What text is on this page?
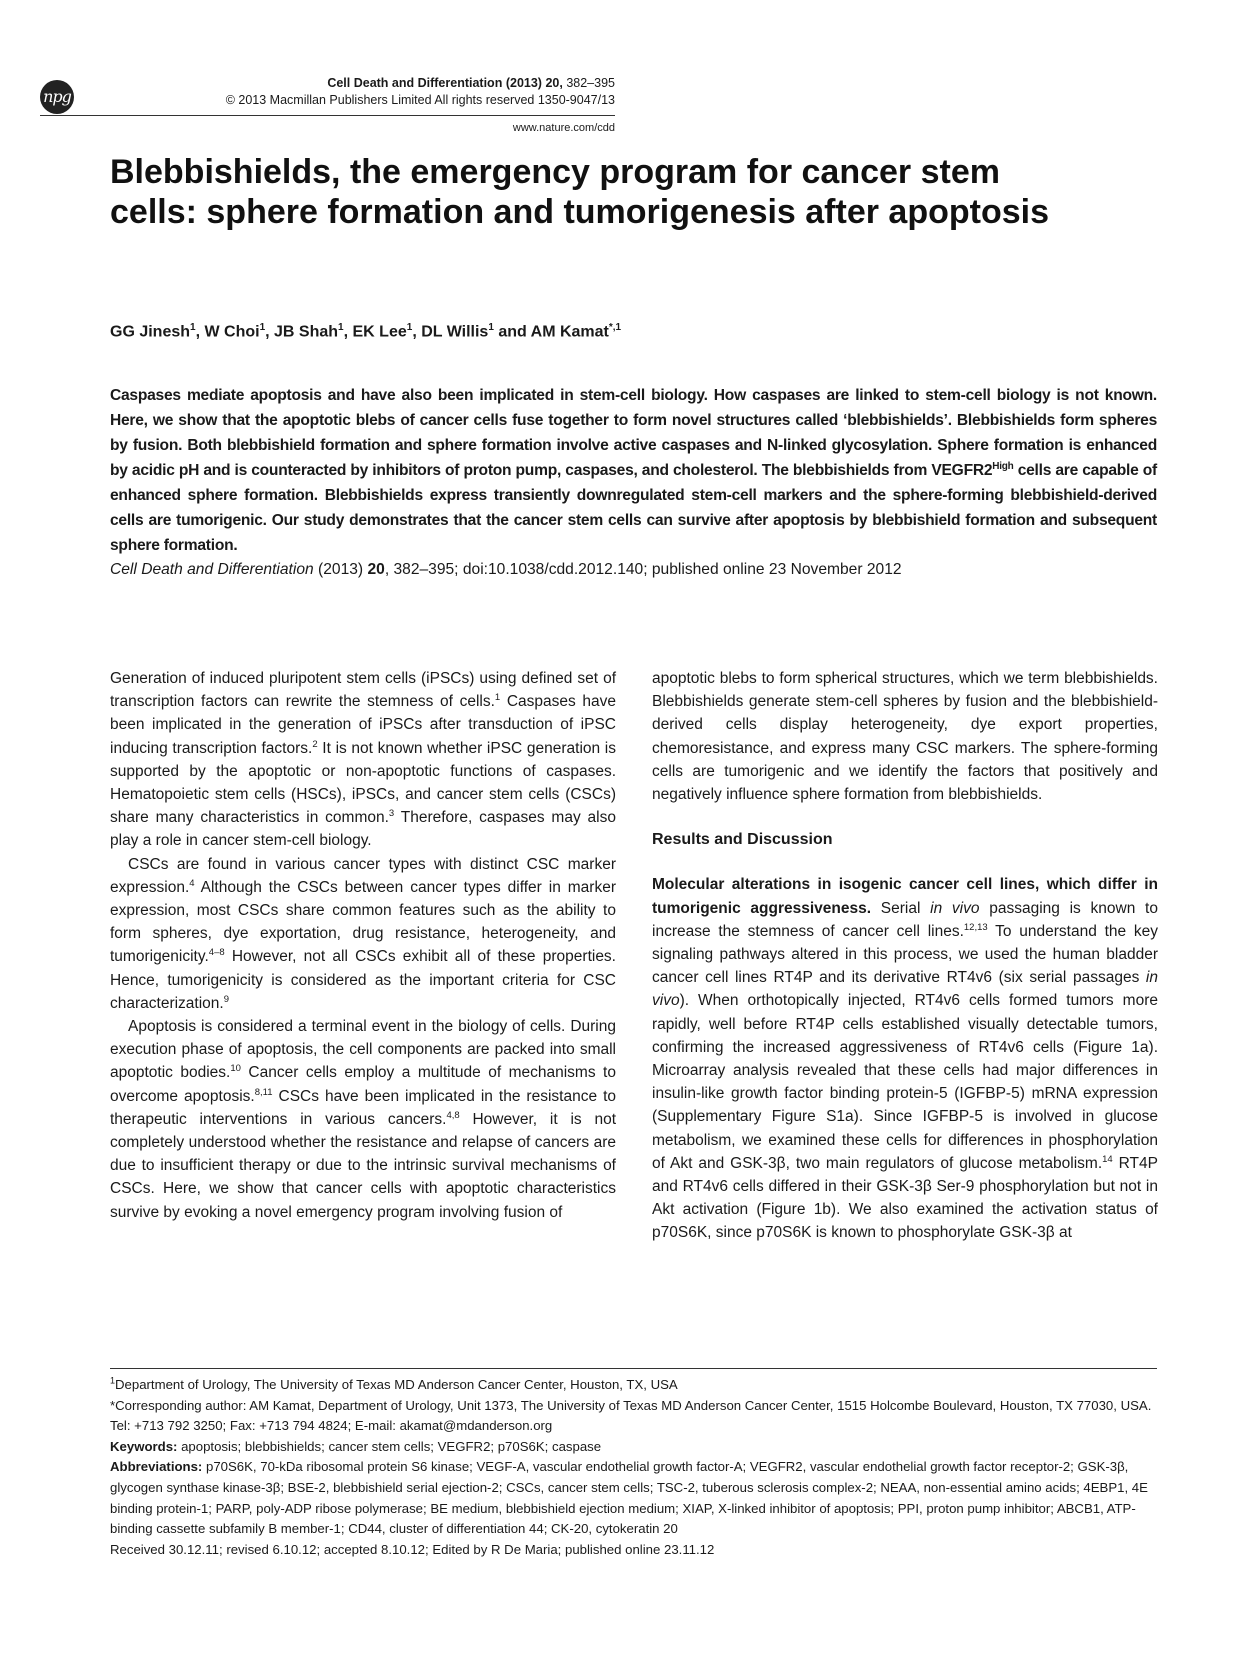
npg
Cell Death and Differentiation (2013) 20, 382–395
© 2013 Macmillan Publishers Limited All rights reserved 1350-9047/13
www.nature.com/cdd
Blebbishields, the emergency program for cancer stem cells: sphere formation and tumorigenesis after apoptosis
GG Jinesh$^1$, W Choi$^1$, JB Shah$^1$, EK Lee$^1$, DL Willis$^1$ and AM Kamat$^{*,1}$
Caspases mediate apoptosis and have also been implicated in stem-cell biology. How caspases are linked to stem-cell biology is not known. Here, we show that the apoptotic blebs of cancer cells fuse together to form novel structures called ‘blebbishields’. Blebbishields form spheres by fusion. Both blebbishield formation and sphere formation involve active caspases and N-linked glycosylation. Sphere formation is enhanced by acidic pH and is counteracted by inhibitors of proton pump, caspases, and cholesterol. The blebbishields from $VEGFR2^{High}$ cells are capable of enhanced sphere formation. Blebbishields express transiently downregulated stem-cell markers and the sphere-forming blebbishield-derived cells are tumorigenic. Our study demonstrates that the cancer stem cells can survive after apoptosis by blebbishield formation and subsequent sphere formation.
Cell Death and Differentiation (2013) 20, 382–395; doi:10.1038/cdd.2012.140; published online 23 November 2012

Generation of induced pluripotent stem cells (iPSCs) using defined set of transcription factors can rewrite the stemness of cells.$^1$ Caspases have been implicated in the generation of iPSCs after transduction of iPSC inducing transcription factors.$^2$ It is not known whether iPSC generation is supported by the apoptotic or non-apoptotic functions of caspases. Hematopoietic stem cells (HSCs), iPSCs, and cancer stem cells (CSCs) share many characteristics in common.$^3$ Therefore, caspases may also play a role in cancer stem-cell biology.

CSCs are found in various cancer types with distinct CSC marker expression.$^4$ Although the CSCs between cancer types differ in marker expression, most CSCs share common features such as the ability to form spheres, dye exportation, drug resistance, heterogeneity, and tumorigenicity.$^{4-8}$ However, not all CSCs exhibit all of these properties. Hence, tumorigenicity is considered as the important criteria for CSC characterization.$^9$

Apoptosis is considered a terminal event in the biology of cells. During execution phase of apoptosis, the cell components are packed into small apoptotic bodies.$^{10}$ Cancer cells employ a multitude of mechanisms to overcome apoptosis.$^{8,11}$ CSCs have been implicated in the resistance to therapeutic interventions in various cancers.$^{4,8}$ However, it is not completely understood whether the resistance and relapse of cancers are due to insufficient therapy or due to the intrinsic survival mechanisms of CSCs. Here, we show that cancer cells with apoptotic characteristics survive by evoking a novel emergency program involving fusion of

apoptotic blebs to form spherical structures, which we term blebbishields. Blebbishields generate stem-cell spheres by fusion and the blebbishield-derived cells display heterogeneity, dye export properties, chemoresistance, and express many CSC markers. The sphere-forming cells are tumorigenic and we identify the factors that positively and negatively influence sphere formation from blebbishields.

Results and Discussion

Molecular alterations in isogenic cancer cell lines, which differ in tumorigenic aggressiveness. Serial in vivo passaging is known to increase the stemness of cancer cell lines.$^{12,13}$ To understand the key signaling pathways altered in this process, we used the human bladder cancer cell lines RT4P and its derivative RT4v6 (six serial passages in vivo). When orthotopically injected, RT4v6 cells formed tumors more rapidly, well before RT4P cells established visually detectable tumors, confirming the increased aggressiveness of RT4v6 cells (Figure 1a). Microarray analysis revealed that these cells had major differences in insulin-like growth factor binding protein-5 (IGFBP-5) mRNA expression (Supplementary Figure S1a). Since IGFBP-5 is involved in glucose metabolism, we examined these cells for differences in phosphorylation of Akt and GSK-3β, two main regulators of glucose metabolism.$^{14}$ RT4P and RT4v6 cells differed in their GSK-3β Ser-9 phosphorylation but not in Akt activation (Figure 1b). We also examined the activation status of p70S6K, since p70S6K is known to phosphorylate GSK-3β at

$^1$Department of Urology, The University of Texas MD Anderson Cancer Center, Houston, TX, USA

*Corresponding author: AM Kamat, Department of Urology, Unit 1373, The University of Texas MD Anderson Cancer Center, 1515 Holcombe Boulevard, Houston, TX 77030, USA. Tel: +713 792 3250; Fax: +713 794 4824; E-mail: akamat@mdanderson.org

Keywords: apoptosis; blebbishields; cancer stem cells; VEGFR2; p70S6K; caspase

Abbreviations: p70S6K, 70-kDa ribosomal protein S6 kinase; VEGF-A, vascular endothelial growth factor-A; VEGFR2, vascular endothelial growth factor receptor-2; GSK-3β, glycogen synthase kinase-3β; BSE-2, blebbishield serial ejection-2; CSCs, cancer stem cells; TSC-2, tuberous sclerosis complex-2; NEAA, non-essential amino acids; 4EBP1, 4E binding protein-1; PARP, poly-ADP ribose polymerase; BE medium, blebbishield ejection medium; XIAP, X-linked inhibitor of apoptosis; PPI, proton pump inhibitor; ABCB1, ATP-binding cassette subfamily B member-1; CD44, cluster of differentiation 44; CK-20, cytokeratin 20

Received 30.12.11; revised 6.10.12; accepted 8.10.12; Edited by R De Maria; published online 23.11.12
